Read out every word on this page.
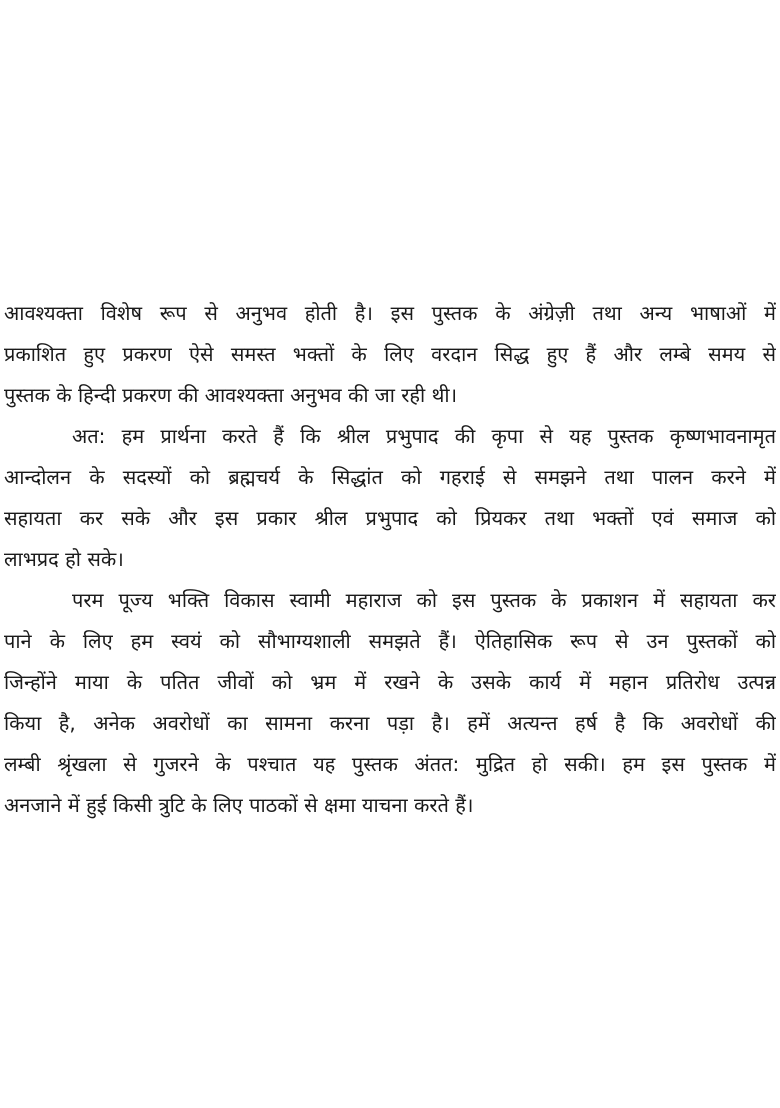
आवश्यक्ता विशेष रूप से अनुभव होती है। इस पुस्तक के अंग्रेज़ी तथा अन्य भाषाओं में
प्रकाशित हुए प्रकरण ऐसे समस्त भक्तों के लिए वरदान सिद्ध हुए हैं और लम्बे समय से
पुस्तक के हिन्दी प्रकरण की आवश्यक्ता अनुभव की जा रही थी।
अत: हम प्रार्थना करते हैं कि श्रील प्रभुपाद की कृपा से यह पुस्तक कृष्णभावनामृत
आन्दोलन के सदस्यों को ब्रह्मचर्य के सिद्धांत को गहराई से समझने तथा पालन करने में
सहायता कर सके और इस प्रकार श्रील प्रभुपाद को प्रियकर तथा भक्तों एवं समाज को
लाभप्रद हो सके।
परम पूज्य भक्ति विकास स्वामी महाराज को इस पुस्तक के प्रकाशन में सहायता कर
पाने के लिए हम स्वयं को सौभाग्यशाली समझते हैं। ऐतिहासिक रूप से उन पुस्तकों को
जिन्होंने माया के पतित जीवों को भ्रम में रखने के उसके कार्य में महान प्रतिरोध उत्पन्न
किया है, अनेक अवरोधों का सामना करना पड़ा है। हमें अत्यन्त हर्ष है कि अवरोधों की
लम्बी श्रृंखला से गुजरने के पश्चात यह पुस्तक अंतत: मुद्रित हो सकी। हम इस पुस्तक में
अनजाने में हुई किसी त्रुटि के लिए पाठकों से क्षमा याचना करते हैं।
